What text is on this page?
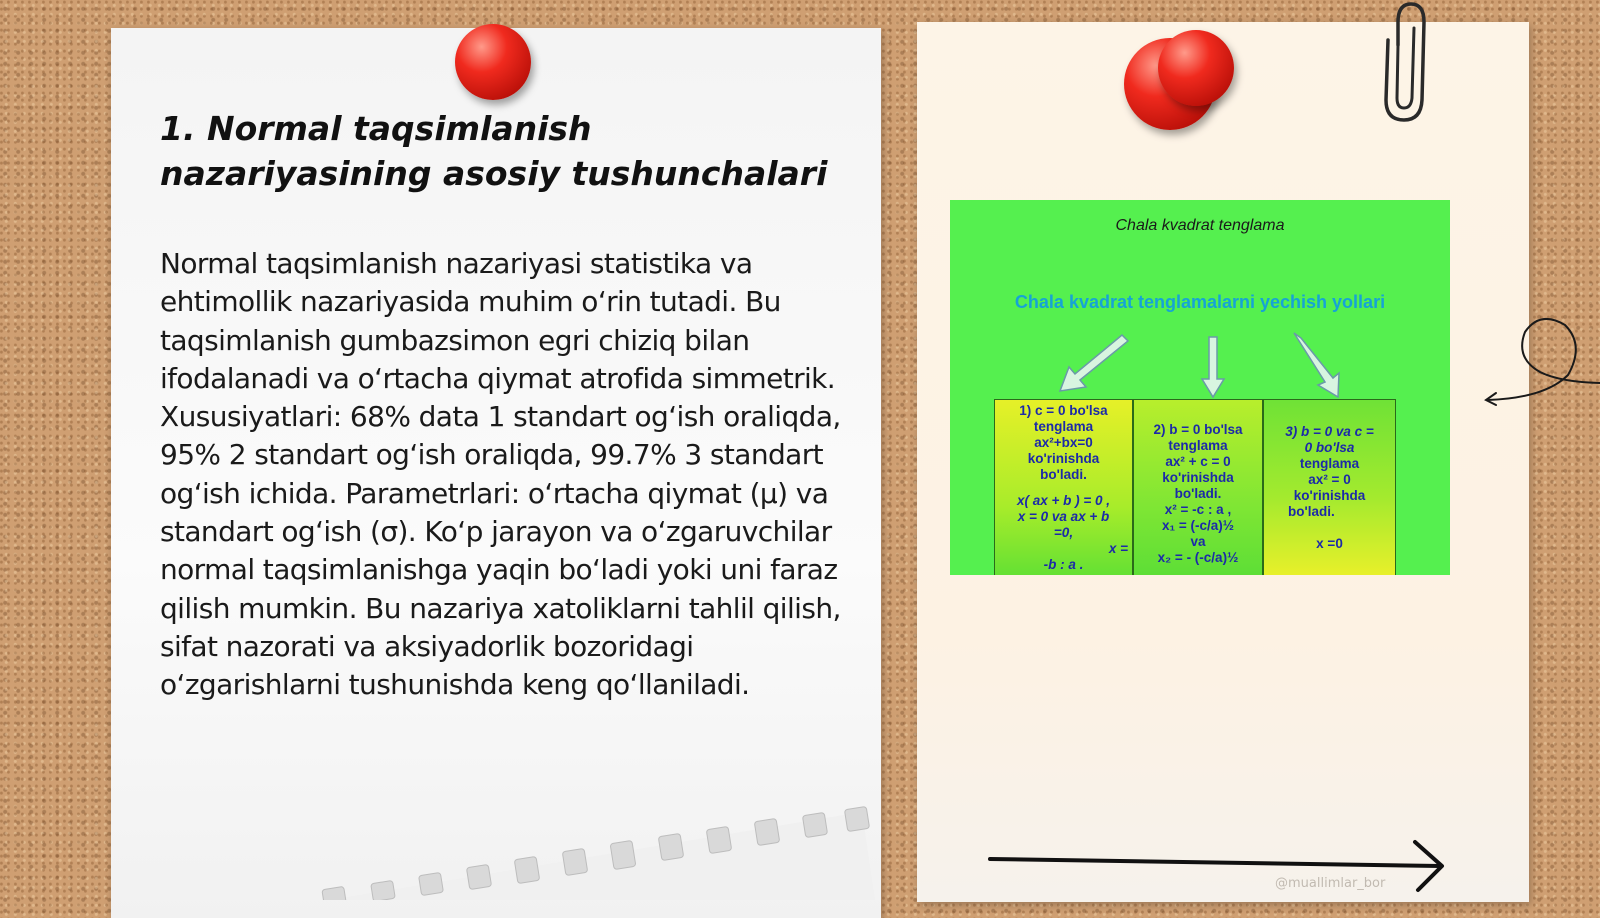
1. Normal taqsimlanish nazariyasining asosiy tushunchalari

Normal taqsimlanish nazariyasi statistika va ehtimollik nazariyasida muhim o‘rin tutadi. Bu taqsimlanish gumbazsimon egri chiziq bilan ifodalanadi va o‘rtacha qiymat atrofida simmetrik. Xususiyatlari: 68% data 1 standart og‘ish oraliqda, 95% 2 standart og‘ish oraliqda, 99.7% 3 standart og‘ish ichida. Parametrlari: o‘rtacha qiymat (μ) va standart og‘ish (σ). Ko‘p jarayon va o‘zgaruvchilar normal taqsimlanishga yaqin bo‘ladi yoki uni faraz qilish mumkin. Bu nazariya xatoliklarni tahlil qilish, sifat nazorati va aksiyadorlik bozoridagi o‘zgarishlarni tushunishda keng qo‘llaniladi.

Chala kvadrat tenglama
Chala kvadrat tenglamalarni yechish yollari
1) c = 0 bo'lsa
tenglama
ax²+bx=0
ko'rinishda
bo'ladi.
x( ax + b ) = 0 ,
x = 0 va ax + b
=0,
x =
-b : a .
2) b = 0 bo'lsa
tenglama
ax² + c = 0
ko'rinishda
bo'ladi.
x² = -c : a ,
x₁ = (-c/a)½
va
x₂ = - (-c/a)½
3) b = 0 va c =
0 bo'lsa
tenglama
ax² = 0
ko'rinishda
bo'ladi.
x =0
@muallimlar_bor
